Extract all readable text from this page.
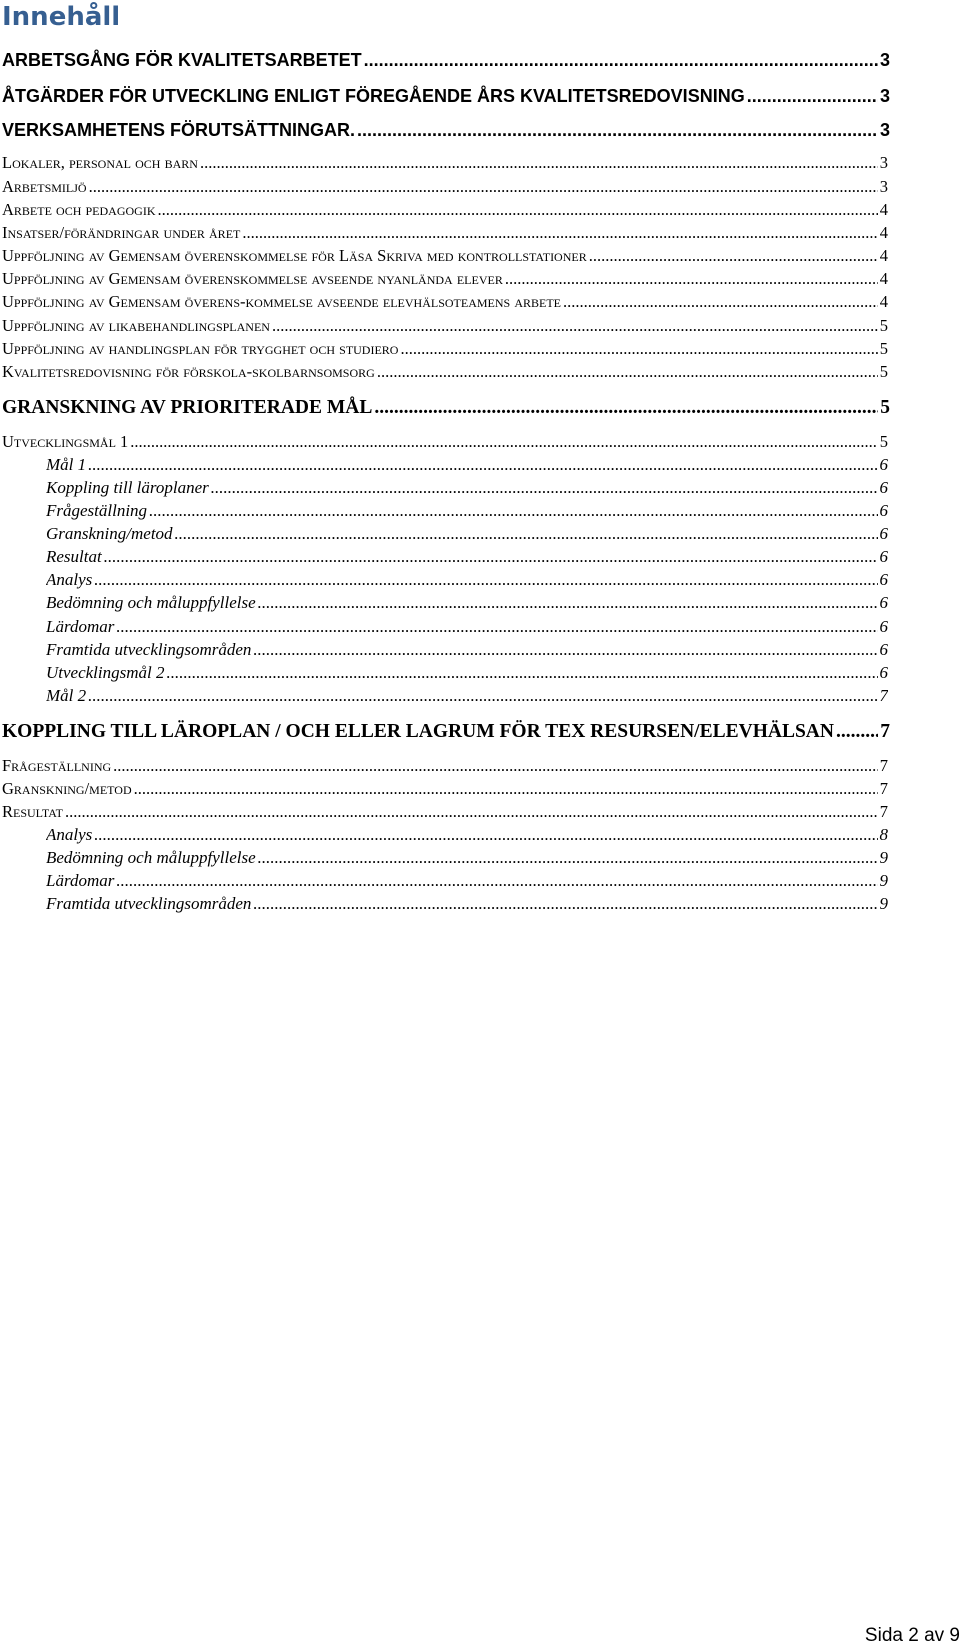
Innehåll
ARBETSGÅNG FÖR KVALITETSARBETET .....	3
ÅTGÄRDER FÖR UTVECKLING ENLIGT FÖREGÅENDE ÅRS KVALITETSREDOVISNING .....	3
VERKSAMHETENS FÖRUTSÄTTNINGAR. .....	3
Lokaler, personal och barn .....	3
Arbetsmiljö .....	3
Arbete och pedagogik .....	4
Insatser/förändringar under året .....	4
Uppföljning av Gemensam överenskommelse för Läsa Skriva med kontrollstationer .....	4
Uppföljning av Gemensam överenskommelse avseende nyanlända elever .....	4
Uppföljning av Gemensam överens-kommelse avseende elevhälsoteamens arbete .....	4
Uppföljning av likabehandlingsplanen .....	5
Uppföljning av handlingsplan för trygghet och studiero .....	5
Kvalitetsredovisning för förskola-skolbarnsomsorg .....	5
GRANSKNING AV PRIORITERADE MÅL .....	5
Utvecklingsmål 1 .....	5
Mål 1 .....	6
Koppling till läroplaner .....	6
Frågeställning .....	6
Granskning/metod .....	6
Resultat .....	6
Analys .....	6
Bedömning och måluppfyllelse .....	6
Lärdomar .....	6
Framtida utvecklingsområden .....	6
Utvecklingsmål 2 .....	6
Mål 2 .....	7
KOPPLING TILL LÄROPLAN / OCH ELLER LAGRUM FÖR TEX RESURSEN/ELEVHÄLSAN ..... 7
Frågeställning .....	7
Granskning/metod .....	7
Resultat .....	7
Analys .....	8
Bedömning och måluppfyllelse .....	9
Lärdomar .....	9
Framtida utvecklingsområden .....	9
Sida 2 av 9
